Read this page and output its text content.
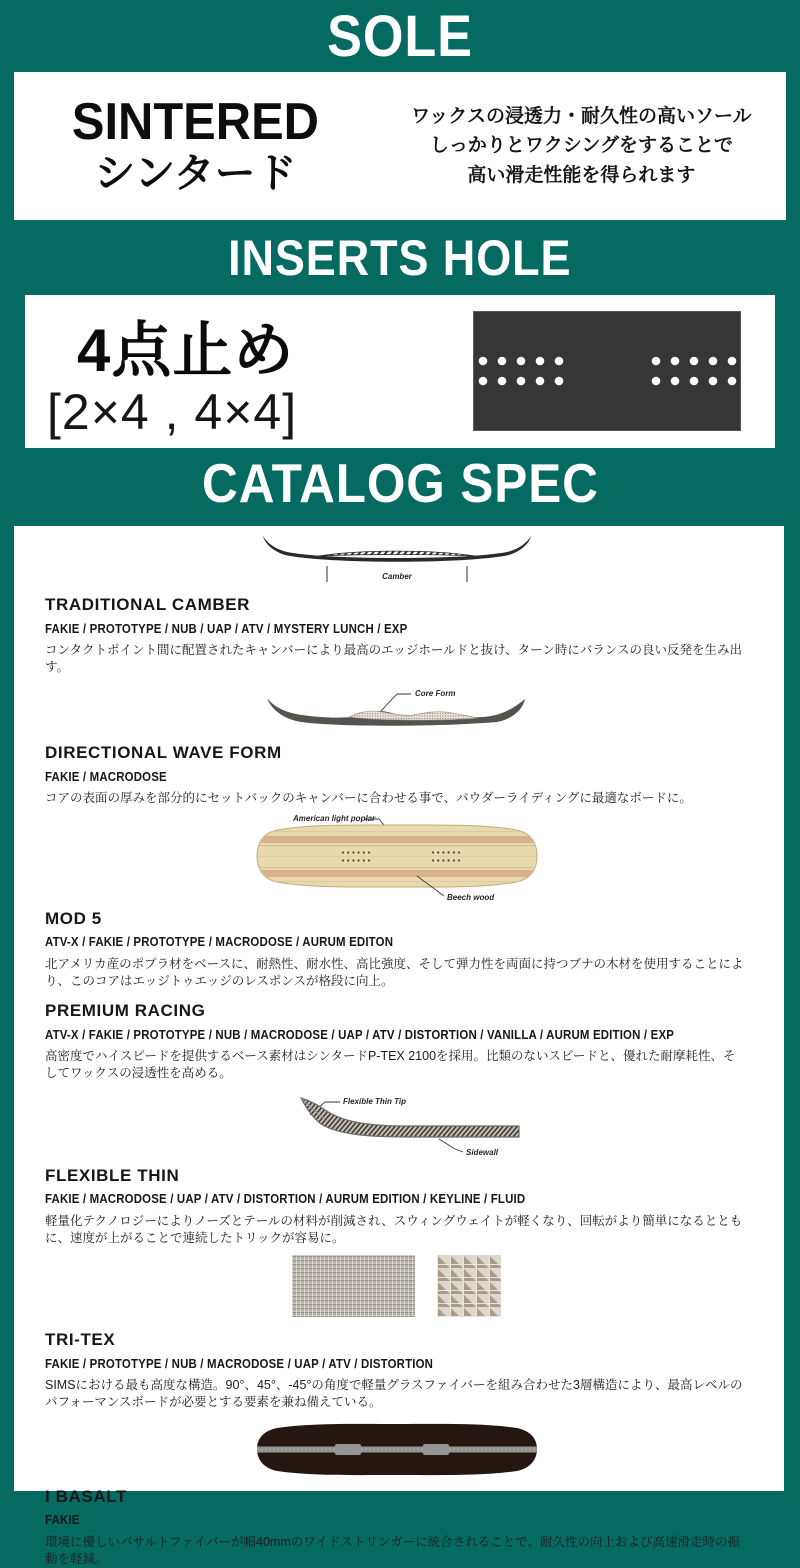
SOLE
SINTERED
シンタード
ワックスの浸透力・耐久性の高いソール
しっかりとワクシングをすることで
高い滑走性能を得られます
INSERTS HOLE
4点止め
[2×4 , 4×4]
CATALOG SPEC
Camber
TRADITIONAL CAMBER
FAKIE / PROTOTYPE / NUB / UAP / ATV / MYSTERY LUNCH / EXP

コンタクトポイント間に配置されたキャンバーにより最高のエッジホールドと抜け、ターン時にバランスの良い反発を生み出す。

Core Form
DIRECTIONAL WAVE FORM
FAKIE / MACRODOSE

コアの表面の厚みを部分的にセットバックのキャンバーに合わせる事で、パウダーライディングに最適なボードに。

American light poplar
Beech wood
MOD 5
ATV-X / FAKIE / PROTOTYPE / MACRODOSE / AURUM EDITON

北アメリカ産のポプラ材をベースに、耐熱性、耐水性、高比強度、そして弾力性を両面に持つブナの木材を使用することにより、このコアはエッジトゥエッジのレスポンスが格段に向上。

PREMIUM RACING
ATV-X / FAKIE / PROTOTYPE / NUB / MACRODOSE / UAP / ATV / DISTORTION / VANILLA / AURUM EDITION / EXP

高密度でハイスピードを提供するベース素材はシンタードP-TEX 2100を採用。比類のないスピードと、優れた耐摩耗性、そしてワックスの浸透性を高める。

Flexible Thin Tip
Sidewall
FLEXIBLE THIN
FAKIE / MACRODOSE / UAP / ATV / DISTORTION / AURUM EDITION / KEYLINE / FLUID

軽量化テクノロジーによりノーズとテールの材料が削減され、スウィングウェイトが軽くなり、回転がより簡単になるとともに、速度が上がることで連続したトリックが容易に。

TRI-TEX
FAKIE / PROTOTYPE / NUB / MACRODOSE / UAP / ATV / DISTORTION

SIMSにおける最も高度な構造。90°、45°、-45°の角度で軽量グラスファイバーを組み合わせた3層構造により、最高レベルのパフォーマンスボードが必要とする要素を兼ね備えている。

I BASALT
FAKIE

環境に優しいバサルトファイバーが幅40mmのワイドストリンガーに統合されることで、耐久性の向上および高速滑走時の振動を軽減。
